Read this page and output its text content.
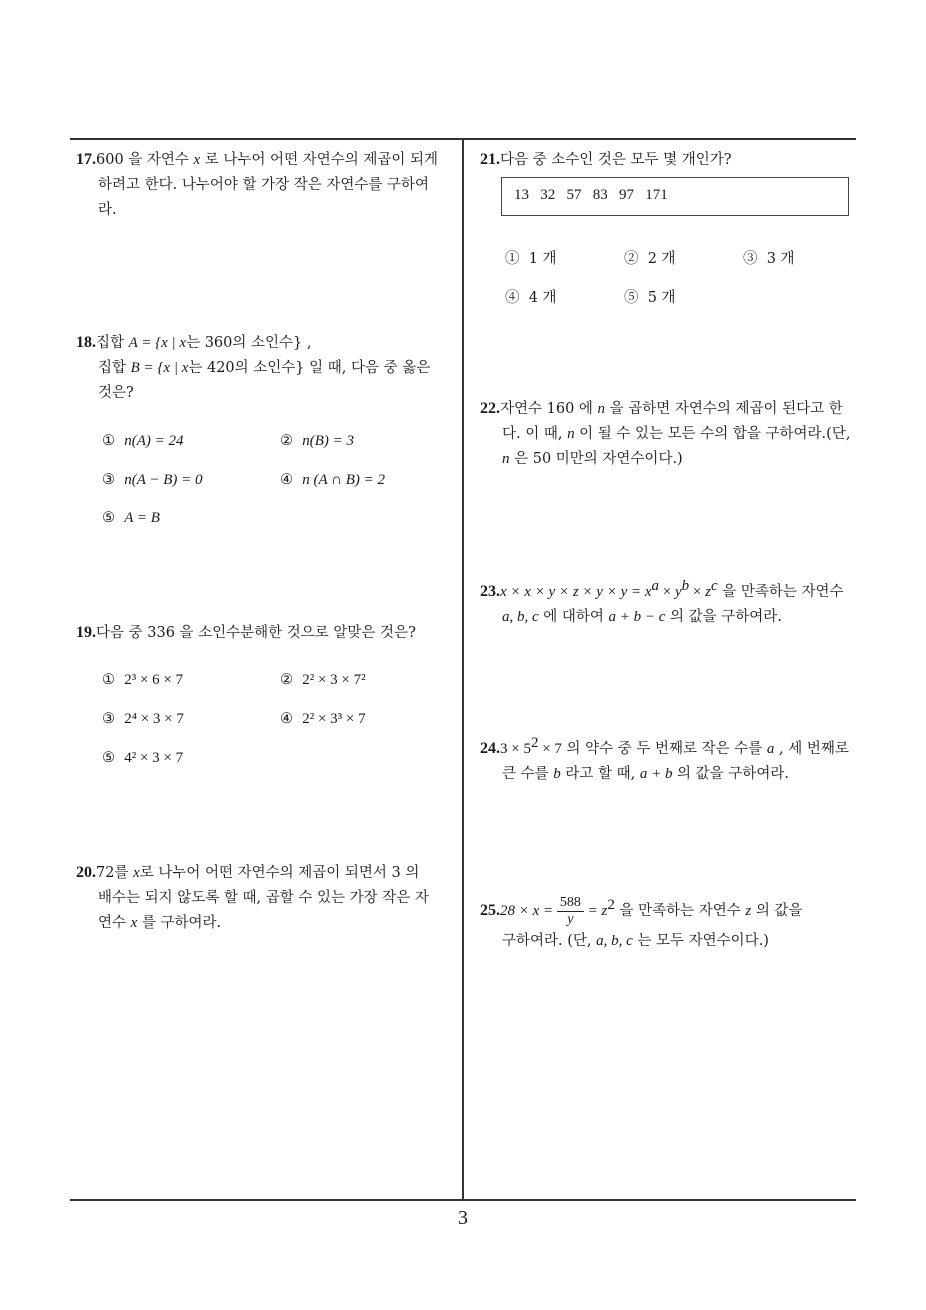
17.600 을 자연수 x 로 나누어 어떤 자연수의 제곱이 되게
하려고 한다. 나누어야 할 가장 작은 자연수를 구하여
라.
18.집합 A = {x | x는 360의 소인수} ,
집합 B = {x | x는 420의 소인수} 일 때, 다음 중 옳은
것은?
① n(A) = 24	② n(B) = 3
③ n(A − B) = 0	④ n (A ∩ B) = 2
⑤ A = B
19.다음 중 336 을 소인수분해한 것으로 알맞은 것은?
① 2³ × 6 × 7	② 2² × 3 × 7²
③ 2⁴ × 3 × 7	④ 2² × 3³ × 7
⑤ 4² × 3 × 7
20.72를 x로 나누어 어떤 자연수의 제곱이 되면서 3 의
배수는 되지 않도록 할 때, 곱할 수 있는 가장 작은 자
연수 x 를 구하여라.
21.다음 중 소수인 것은 모두 몇 개인가?
13   32   57   83   97   171
① 1 개	② 2 개	③ 3 개
④ 4 개	⑤ 5 개
22.자연수 160 에 n 을 곱하면 자연수의 제곱이 된다고 한
다. 이 때, n 이 될 수 있는 모든 수의 합을 구하여라.(단,
n 은 50 미만의 자연수이다.)
$23.x \times x \times y \times z \times y \times y = x^a \times y^b \times z^c$ 을 만족하는 자연수
a, b, c 에 대하여 a + b − c 의 값을 구하여라.
$24.3 \times 5^2 \times 7$ 의 약수 중 두 번째로 작은 수를 a , 세 번째로
큰 수를 b 라고 할 때, a + b 의 값을 구하여라.
$25.28 \times x = \frac{588}{y} = z^2$ 을 만족하는 자연수 z 의 값을
구하여라. (단, a, b, c 는 모두 자연수이다.)
3
